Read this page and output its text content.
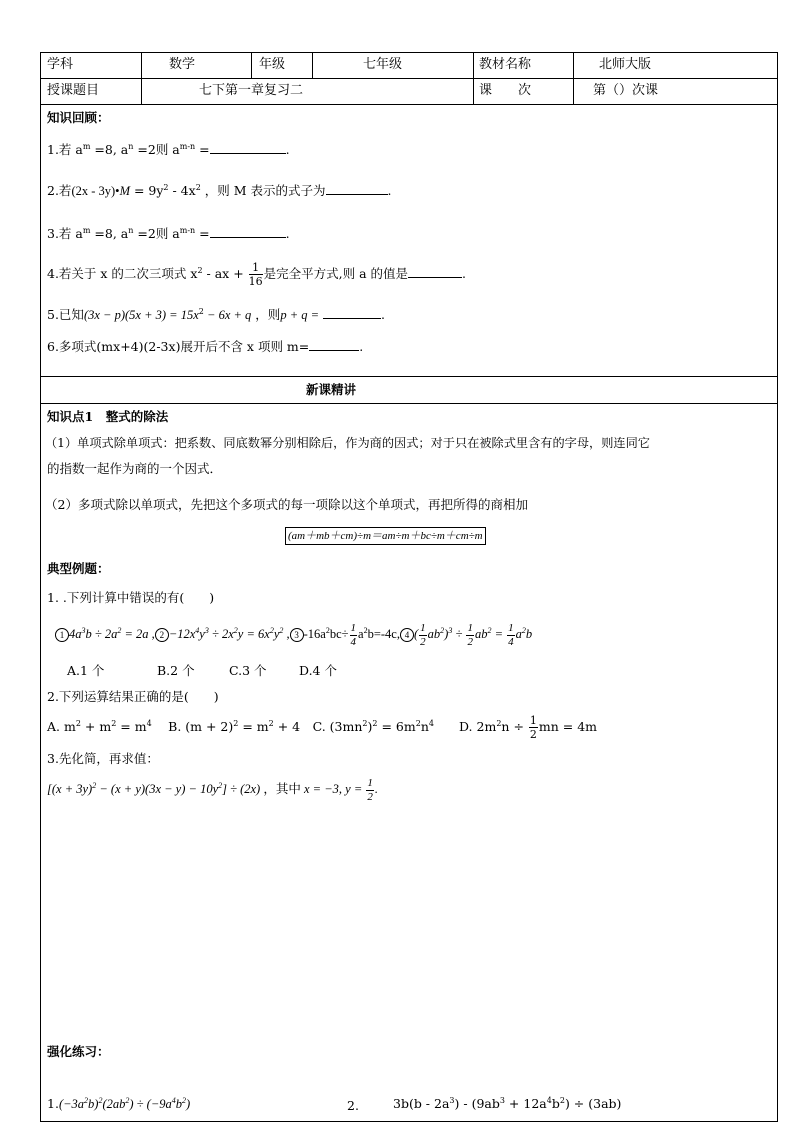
学科	数学	年级	七年级	教材名称	北师大版
授课题目	七下第一章复习二	课　　次	第（）次课
知识回顾：
1.若 $a^m =8$, $a^n =2$则 $a^{m-n}$ =	.
2.若(2x - 3y)•M = $9y^2 - 4x^2$ ，则 M 表示的式子为	.
3.若 $a^m =8$, $a^n =2$则 $a^{m-n}$ =	.
4.若关于 x 的二次三项式 $x^2$ - ax + $\frac{1}{16}$ 是完全平方式,则 a 的值是	.
5.已知$(3x - p)(5x + 3) = 15x^2 - 6x + q$ ，则p + q =	.
6.多项式(mx+4)(2-3x)展开后不含 x 项则 m=	.
新课精讲
知识点1　整式的除法
（1）单项式除单项式：把系数、同底数幂分别相除后，作为商的因式；对于只在被除式里含有的字母，则连同它
的指数一起作为商的一个因式．
（2）多项式除以单项式，先把这个多项式的每一项除以这个单项式，再把所得的商相加
(am＋mb＋cm)÷m＝am÷m＋bc÷m＋cm÷m
典型例题：
1. .下列计算中错误的有(　　)
1 $4a^3b \div 2a^2 = 2a$ , $2 -12x^4y^3 \div 2x^2y = 6x^2y^2$ , 3 $-16a^2bc\div \frac{1}{4} a^2b=-4c$, 4 ( $\frac{1}{2} ab^2)^3 \div \frac{1}{2} ab^2 = \frac{1}{4} a^2b$
A.1 个	B.2 个	C.3 个	D.4 个
2.下列运算结果正确的是(　　)
A. $m^2 + m^2 = m^4$　 B. $(m + 2)^2 = m^2 + 4$　C. $(3mn^2)^2 = 6m^2n^4$　　D. $2m^2n \div \frac{1}{2}$ mn = 4m
3.先化简，再求值：
$[(x + 3y)^2 - (x + y)(3x - y) - 10y^2] \div (2x)$ ，其中 x = −3, $y = \frac{1}{2}$ .
强化练习：
$1.(-3a^2b)^2(2ab^2) \div (-9a^4b^2)$	2.	$3b(b - 2a^3) - (9ab^3 + 12a^4b^2) \div (3ab)$
